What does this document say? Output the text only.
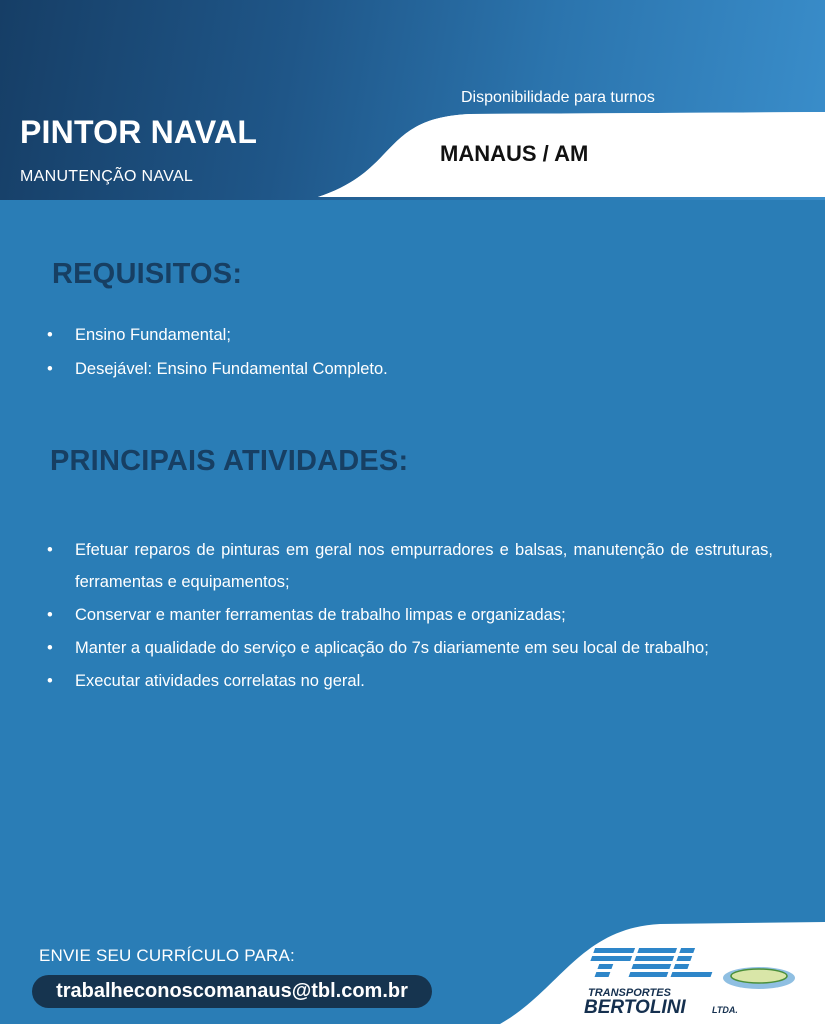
PINTOR NAVAL
MANUTENÇÃO NAVAL
Disponibilidade para turnos
MANAUS / AM
REQUISITOS:
• Ensino Fundamental;
• Desejável: Ensino Fundamental Completo.
PRINCIPAIS ATIVIDADES:
• Efetuar reparos de pinturas em geral nos empurradores e balsas, manutenção de estruturas, ferramentas e equipamentos;
• Conservar e manter ferramentas de trabalho limpas e organizadas;
• Manter a qualidade do serviço e aplicação do 7s diariamente em seu local de trabalho;
• Executar atividades correlatas no geral.
ENVIE SEU CURRÍCULO PARA:
trabalheconoscomanaus@tbl.com.br	TRANSPORTES
BERTOLINI	LTDA.
